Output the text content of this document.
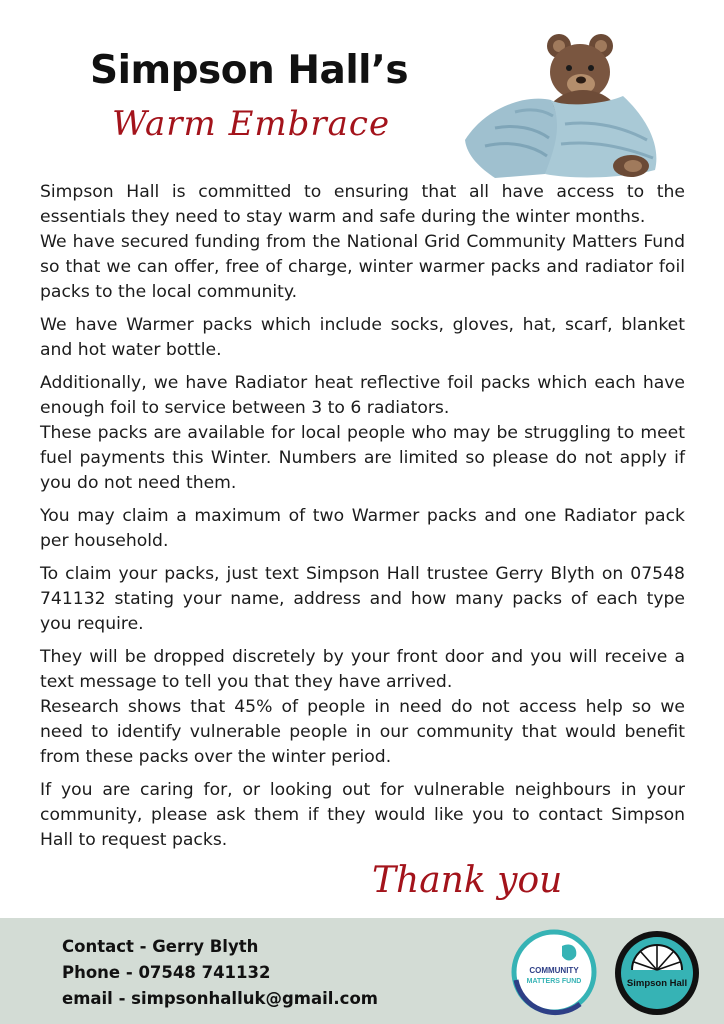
Simpson Hall’s
Warm Embrace

Simpson Hall is committed to ensuring that all have access to the essentials they need to stay warm and safe during the winter months.

We have secured funding from the National Grid Community Matters Fund so that we can offer, free of charge, winter warmer packs and radiator foil packs to the local community.

We have Warmer packs which include socks, gloves, hat, scarf, blanket and hot water bottle.

Additionally, we have Radiator heat reflective foil packs which each have enough foil to service between 3 to 6 radiators.

These packs are available for local people who may be struggling to meet fuel payments this Winter. Numbers are limited so please do not apply if you do not need them.

You may claim a maximum of two Warmer packs and one Radiator pack per household.

To claim your packs, just text Simpson Hall trustee Gerry Blyth on 07548 741132 stating your name, address and how many packs of each type you require.

They will be dropped discretely by your front door and you will receive a text message to tell you that they have arrived.

Research shows that 45% of people in need do not access help so we need to identify vulnerable people in our community that would benefit from these packs over the winter period.

If you are caring for, or looking out for vulnerable neighbours in your community, please ask them if they would like you to contact Simpson Hall to request packs.

Thank you
Contact - Gerry Blyth
Phone - 07548 741132
email - simpsonhalluk@gmail.com
COMMUNITY
MATTERS FUND	Simpson Hall
